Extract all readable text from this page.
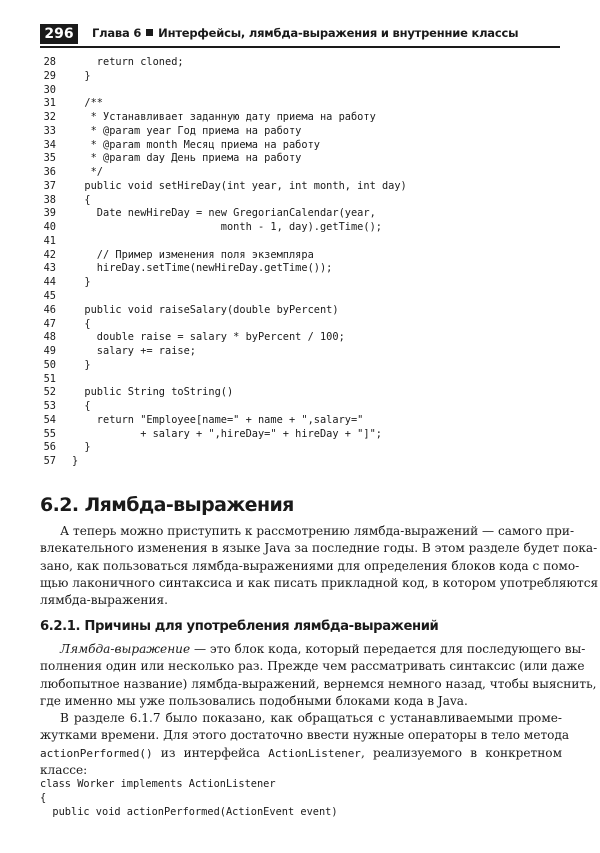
296	Глава 6 Интерфейсы, лямбда-выражения и внутренние классы
28    return cloned;
29  }
30
31  /**
32   * Устанавливает заданную дату приема на работу
33   * @param year Год приема на работу
34   * @param month Месяц приема на работу
35   * @param day День приема на работу
36   */
37  public void setHireDay(int year, int month, int day)
38  {
39    Date newHireDay = new GregorianCalendar(year,
40                        month - 1, day).getTime();
41
42    // Пример изменения поля экземпляра
43    hireDay.setTime(newHireDay.getTime());
44  }
45
46  public void raiseSalary(double byPercent)
47  {
48    double raise = salary * byPercent / 100;
49    salary += raise;
50  }
51
52  public String toString()
53  {
54    return "Employee[name=" + name + ",salary="
55           + salary + ",hireDay=" + hireDay + "]";
56  }
57 }
6.2. Лямбда-выражения
А теперь можно приступить к рассмотрению лямбда-выражений — самого при-
влекательного изменения в языке Java за последние годы. В этом разделе будет пока-
зано, как пользоваться лямбда-выражениями для определения блоков кода с помо-
щью лаконичного синтаксиса и как писать прикладной код, в котором употребляются
лямбда-выражения.
6.2.1. Причины для употребления лямбда-выражений
Лямбда-выражение — это блок кода, который передается для последующего вы-
полнения один или несколько раз. Прежде чем рассматривать синтаксис (или даже
любопытное название) лямбда-выражений, вернемся немного назад, чтобы выяснить,
где именно мы уже пользовались подобными блоками кода в Java.
В разделе 6.1.7 было показано, как обращаться с устанавливаемыми проме-
жутками времени. Для этого достаточно ввести нужные операторы в тело метода
actionPerformed() из интерфейса ActionListener, реализуемого в конкретном
классе:
class Worker implements ActionListener
{
public void actionPerformed(ActionEvent event)
